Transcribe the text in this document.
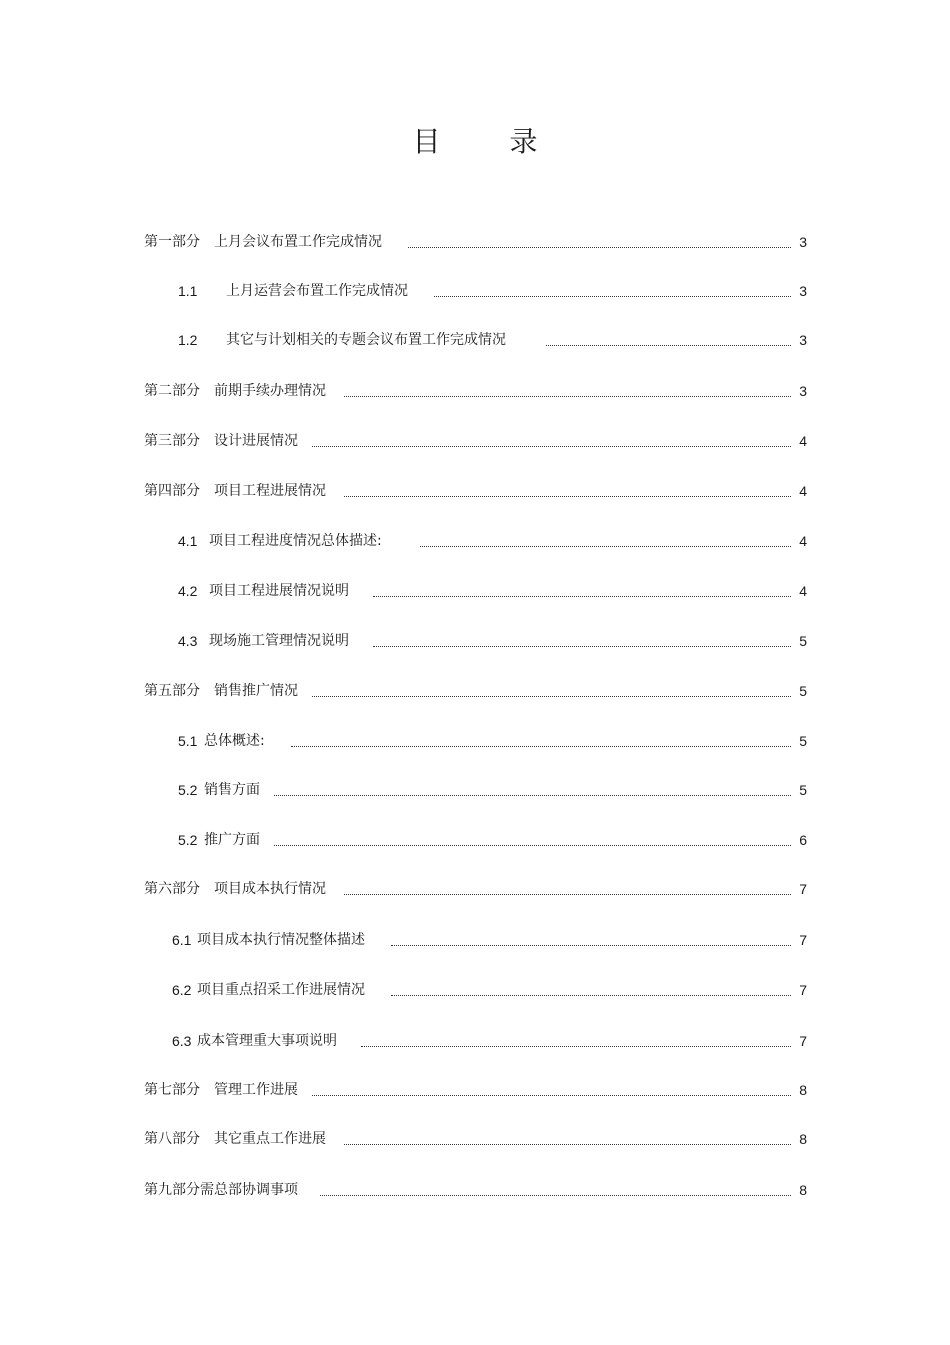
目 录
第一部分　上月会议布置工作完成情况	3
1.1	上月运营会布置工作完成情况	3
1.2	其它与计划相关的专题会议布置工作完成情况	3
第二部分　前期手续办理情况	3
第三部分　设计进展情况	4
第四部分　项目工程进展情况	4
4.1 项目工程进度情况总体描述:	4
4.2 项目工程进展情况说明	4
4.3 现场施工管理情况说明	5
第五部分　销售推广情况	5
5.1 总体概述:	5
5.2 销售方面	5
5.2 推广方面	6
第六部分　项目成本执行情况	7
6.1 项目成本执行情况整体描述	7
6.2 项目重点招采工作进展情况	7
6.3 成本管理重大事项说明	7
第七部分　管理工作进展	8
第八部分　其它重点工作进展	8
第九部分需总部协调事项	8
